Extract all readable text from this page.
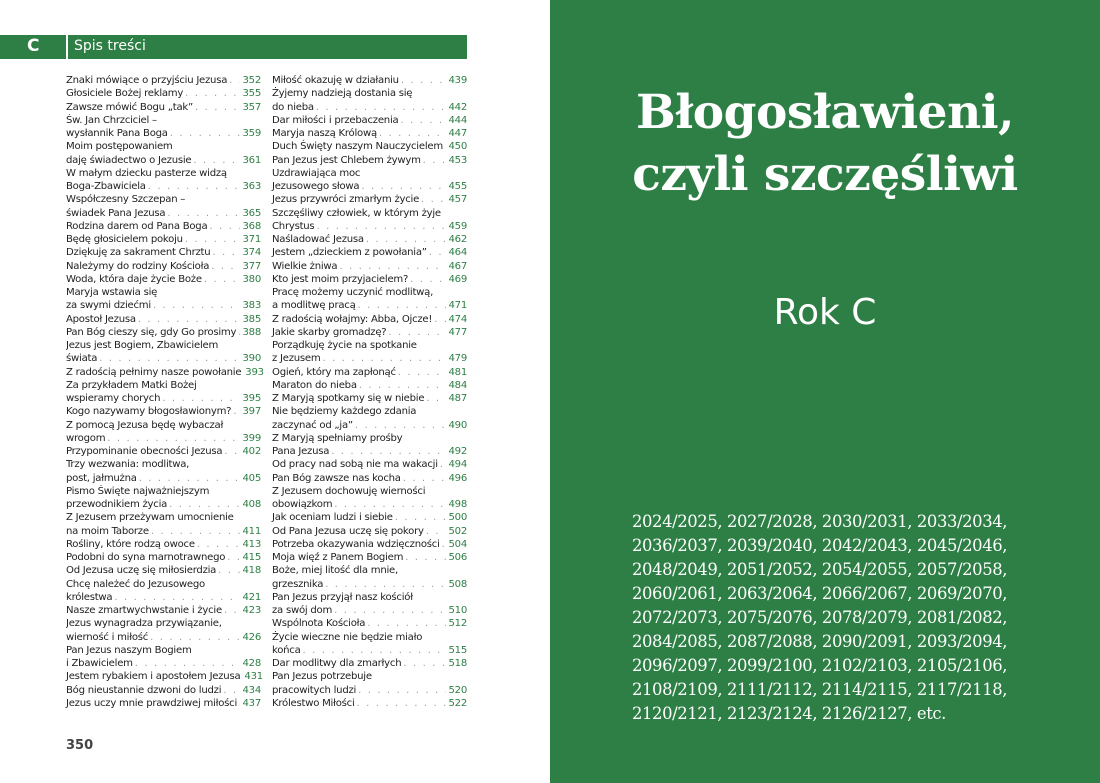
C Spis treści
Znaki mówiące o przyjściu Jezusa . . . 352
Głosiciele Bożej reklamy . . .	355
Zawsze mówić Bogu „tak” . . .	357
Św. Jan Chrzciciel –
wysłannik Pana Boga . . .	359
Moim postępowaniem
daję świadectwo o Jezusie . . .	361
W małym dziecku pasterze widzą
Boga-Zbawiciela . . .	363
Współczesny Szczepan –
świadek Pana Jezusa . . .	365
Rodzina darem od Pana Boga . . .	368
Będę głosicielem pokoju . . .	371
Dziękuję za sakrament Chrztu . . .	374
Należymy do rodziny Kościoła . . .	377
Woda, która daje życie Boże . . .	380
Maryja wstawia się
za swymi dziećmi . . .	383
Apostoł Jezusa . . .	385
Pan Bóg cieszy się, gdy Go prosimy . . . 388
Jezus jest Bogiem, Zbawicielem
świata . . .	390
Z radością pełnimy nasze powołanie 393
Za przykładem Matki Bożej
wspieramy chorych . . .	395
Kogo nazywamy błogosławionym? . . . 397
Z pomocą Jezusa będę wybaczał
wrogom . . .	399
Przypominanie obecności Jezusa . . . 402
Trzy wezwania: modlitwa,
post, jałmużna . . .	405
Pismo Święte najważniejszym
przewodnikiem życia . . .	408
Z Jezusem przeżywam umocnienie
na moim Taborze . . .	411
Rośliny, które rodzą owoce . . .	413
Podobni do syna marnotrawnego . . . 415
Od Jezusa uczę się miłosierdzia . . .	418
Chcę należeć do Jezusowego
królestwa . . .	421
Nasze zmartwychwstanie i życie . . . 423
Jezus wynagradza przywiązanie,
wierność i miłość . . .	426
Pan Jezus naszym Bogiem
i Zbawicielem . . .	428
Jestem rybakiem i apostołem Jezusa 431
Bóg nieustannie dzwoni do ludzi . . . 434
Jezus uczy mnie prawdziwej miłości . . . 437
Miłość okazuję w działaniu . . .	439
Żyjemy nadzieją dostania się
do nieba . . .	442
Dar miłości i przebaczenia . . .	444
Maryja naszą Królową . . .	447
Duch Święty naszym Nauczycielem . . . 450
Pan Jezus jest Chlebem żywym . . .	453
Uzdrawiająca moc
Jezusowego słowa . . .	455
Jezus przywróci zmarłym życie . . .	457
Szczęśliwy człowiek, w którym żyje
Chrystus . . .	459
Naśladować Jezusa . . .	462
Jestem „dzieckiem z powołania” . . . 464
Wielkie żniwa . . .	467
Kto jest moim przyjacielem? . . .	469
Pracę możemy uczynić modlitwą,
a modlitwę pracą . . .	471
Z radością wołajmy: Abba, Ojcze! . . . 474
Jakie skarby gromadzę? . . .	477
Porządkuję życie na spotkanie
z Jezusem . . .	479
Ogień, który ma zapłonąć . . .	481
Maraton do nieba . . .	484
Z Maryją spotkamy się w niebie . . . 487
Nie będziemy każdego zdania
zaczynać od „ja” . . .	490
Z Maryją spełniamy prośby
Pana Jezusa . . .	492
Od pracy nad sobą nie ma wakacji . . . 494
Pan Bóg zawsze nas kocha . . .	496
Z Jezusem dochowuję wierności
obowiązkom . . .	498
Jak oceniam ludzi i siebie . . .	500
Od Pana Jezusa uczę się pokory . . . 502
Potrzeba okazywania wdzięczności . . . 504
Moja więź z Panem Bogiem . . .	506
Boże, miej litość dla mnie,
grzesznika . . .	508
Pan Jezus przyjął nasz kościół
za swój dom . . .	510
Wspólnota Kościoła . . .	512
Życie wieczne nie będzie miało
końca . . .	515
Dar modlitwy dla zmarłych . . .	518
Pan Jezus potrzebuje
pracowitych ludzi . . .	520
Królestwo Miłości . . .	522
350
Błogosławieni,
czyli szczęśliwi
Rok C
2024/2025, 2027/2028, 2030/2031, 2033/2034, 2036/2037, 2039/2040, 2042/2043, 2045/2046, 2048/2049, 2051/2052, 2054/2055, 2057/2058, 2060/2061, 2063/2064, 2066/2067, 2069/2070, 2072/2073, 2075/2076, 2078/2079, 2081/2082, 2084/2085, 2087/2088, 2090/2091, 2093/2094, 2096/2097, 2099/2100, 2102/2103, 2105/2106, 2108/2109, 2111/2112, 2114/2115, 2117/2118, 2120/2121, 2123/2124, 2126/2127, etc.
